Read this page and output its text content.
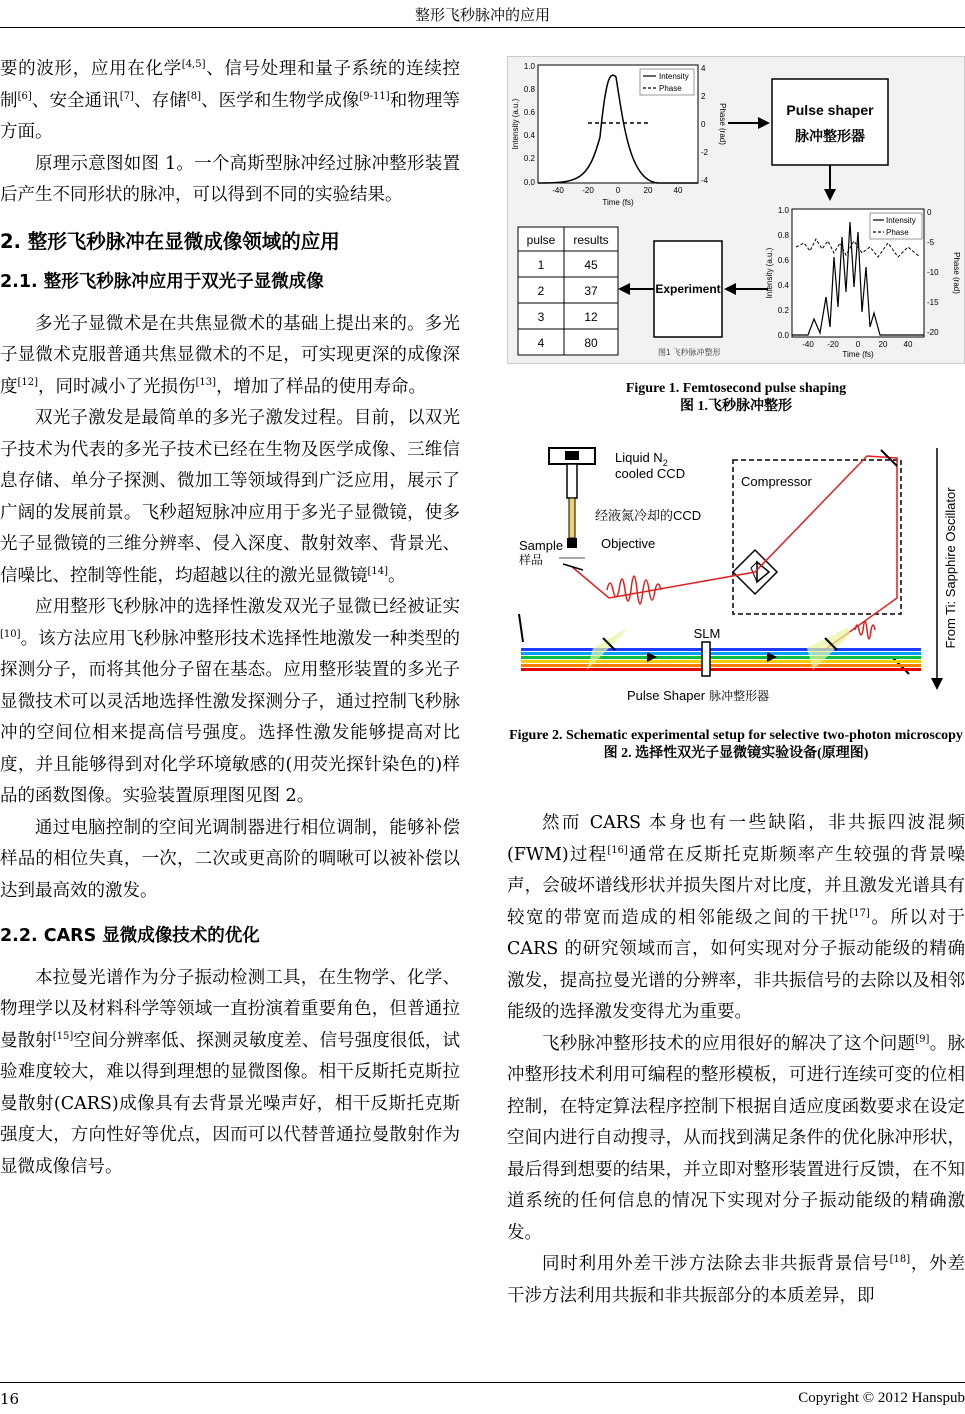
整形飞秒脉冲的应用

要的波形，应用在化学[4,5]、信号处理和量子系统的连续控制[6]、安全通讯[7]、存储[8]、医学和生物学成像[9-11]和物理等方面。

原理示意图如图 1。一个高斯型脉冲经过脉冲整形装置后产生不同形状的脉冲，可以得到不同的实验结果。

2. 整形飞秒脉冲在显微成像领域的应用

2.1. 整形飞秒脉冲应用于双光子显微成像

多光子显微术是在共焦显微术的基础上提出来的。多光子显微术克服普通共焦显微术的不足，可实现更深的成像深度[12]，同时减小了光损伤[13]，增加了样品的使用寿命。

双光子激发是最简单的多光子激发过程。目前，以双光子技术为代表的多光子技术已经在生物及医学成像、三维信息存储、单分子探测、微加工等领域得到广泛应用，展示了广阔的发展前景。飞秒超短脉冲应用于多光子显微镜，使多光子显微镜的三维分辨率、侵入深度、散射效率、背景光、信噪比、控制等性能，均超越以往的激光显微镜[14]。

应用整形飞秒脉冲的选择性激发双光子显微已经被证实[10]。该方法应用飞秒脉冲整形技术选择性地激发一种类型的探测分子，而将其他分子留在基态。应用整形装置的多光子显微技术可以灵活地选择性激发探测分子，通过控制飞秒脉冲的空间位相来提高信号强度。选择性激发能够提高对比度，并且能够得到对化学环境敏感的(用荧光探针染色的)样品的函数图像。实验装置原理图见图 2。

通过电脑控制的空间光调制器进行相位调制，能够补偿样品的相位失真，一次，二次或更高阶的啁啾可以被补偿以达到最高效的激发。

2.2. CARS 显微成像技术的优化

本拉曼光谱作为分子振动检测工具，在生物学、化学、物理学以及材料科学等领域一直扮演着重要角色，但普通拉曼散射[15]空间分辨率低、探测灵敏度差、信号强度很低，试验难度较大，难以得到理想的显微图像。相干反斯托克斯拉曼散射(CARS)成像具有去背景光噪声好，相干反斯托克斯强度大，方向性好等优点，因而可以代替普通拉曼散射作为显微成像信号。

Intensity
Phase
1.0
0.8
0.6
0.4
0.2
0.0
-40 -20	0	20	40
4
2
0
-2
-4
Time (fs)
Intensity (a.u.)	Phase (rad)	Pulse shaper
脉冲整形器
Intensity
Phase
1.0
0.8
0.6
0.4
0.2
0.0
-40 -20 0 20 40
0
-5
-10
-15
-20
Time (fs)
Intensity (a.u.)	Phase (rad)
Experiment
pulse results
1	45
2	37
3	12
4	80
图1 飞秒脉冲整形
Figure 1. Femtosecond pulse shaping
图 1.飞秒脉冲整形
Liquid $N_2$
cooled CCD
经液氮冷却的CCD
Objective
Sample
样品
Compressor
SLM
Pulse Shaper 脉冲整形器
From Ti: Sapphire Oscillator
Figure 2. Schematic experimental setup for selective two-photon microscopy
图 2. 选择性双光子显微镜实验设备(原理图)

然而 CARS 本身也有一些缺陷，非共振四波混频(FWM)过程[16]通常在反斯托克斯频率产生较强的背景噪声，会破坏谱线形状并损失图片对比度，并且激发光谱具有较宽的带宽而造成的相邻能级之间的干扰[17]。所以对于 CARS 的研究领域而言，如何实现对分子振动能级的精确激发，提高拉曼光谱的分辨率，非共振信号的去除以及相邻能级的选择激发变得尤为重要。

飞秒脉冲整形技术的应用很好的解决了这个问题[9]。脉冲整形技术利用可编程的整形模板，可进行连续可变的位相控制，在特定算法程序控制下根据自适应度函数要求在设定空间内进行自动搜寻，从而找到满足条件的优化脉冲形状，最后得到想要的结果，并立即对整形装置进行反馈，在不知道系统的任何信息的情况下实现对分子振动能级的精确激发。

同时利用外差干涉方法除去非共振背景信号[18]，外差干涉方法利用共振和非共振部分的本质差异，即

16	Copyright © 2012 Hanspub
